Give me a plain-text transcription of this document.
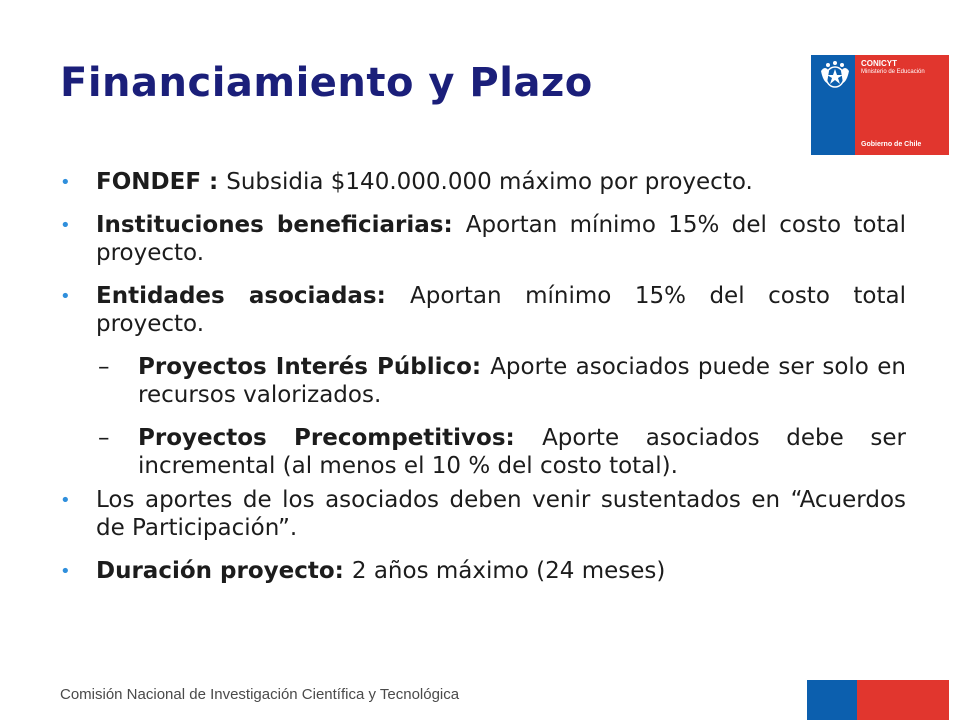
Financiamiento y Plazo	CONICYT
Ministerio de Educación
Gobierno de Chile
• FONDEF : Subsidia $140.000.000 máximo por proyecto.
• Instituciones beneficiarias: Aportan mínimo 15% del costo total proyecto.
• Entidades asociadas: Aportan mínimo 15% del costo total proyecto.
– Proyectos Interés Público: Aporte asociados puede ser solo en recursos valorizados.
– Proyectos Precompetitivos: Aporte asociados debe ser incremental (al menos el 10 % del costo total).
• Los aportes de los asociados deben venir sustentados en “Acuerdos de Participación”.
• Duración proyecto: 2 años máximo (24 meses)
Comisión Nacional de Investigación Científica y Tecnológica
